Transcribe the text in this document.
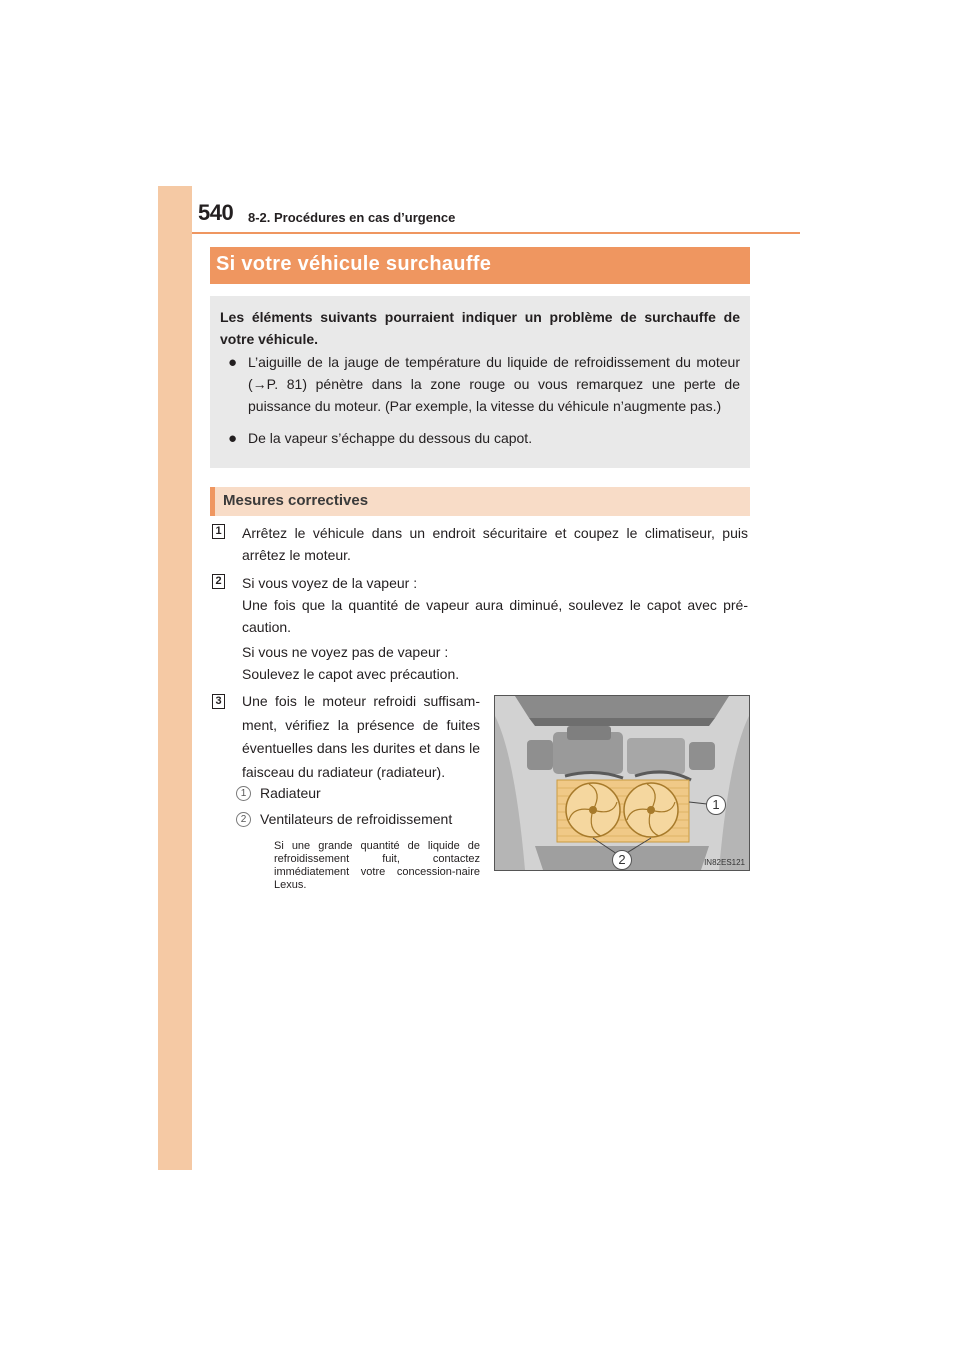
540 8-2. Procédures en cas d’urgence
Si votre véhicule surchauffe
Les éléments suivants pourraient indiquer un problème de surchauffe de votre véhicule.
● L’aiguille de la jauge de température du liquide de refroidissement du moteur (→P. 81) pénètre dans la zone rouge ou vous remarquez une perte de puissance du moteur. (Par exemple, la vitesse du véhicule n’augmente pas.)
● De la vapeur s’échappe du dessous du capot.
Mesures correctives
1 Arrêtez le véhicule dans un endroit sécuritaire et coupez le climatiseur, puis arrêtez le moteur.
2 Si vous voyez de la vapeur :
Une fois que la quantité de vapeur aura diminué, soulevez le capot avec pré-caution.
Si vous ne voyez pas de vapeur :
Soulevez le capot avec précaution.
3 Une fois le moteur refroidi suffisam-ment, vérifiez la présence de fuites éventuelles dans les durites et dans le faisceau du radiateur (radiateur).
1 Radiateur
2 Ventilateurs de refroidissement
Si une grande quantité de liquide de refroidissement fuit, contactez immédiatement votre concession-naire Lexus.
1
2	IN82ES121
